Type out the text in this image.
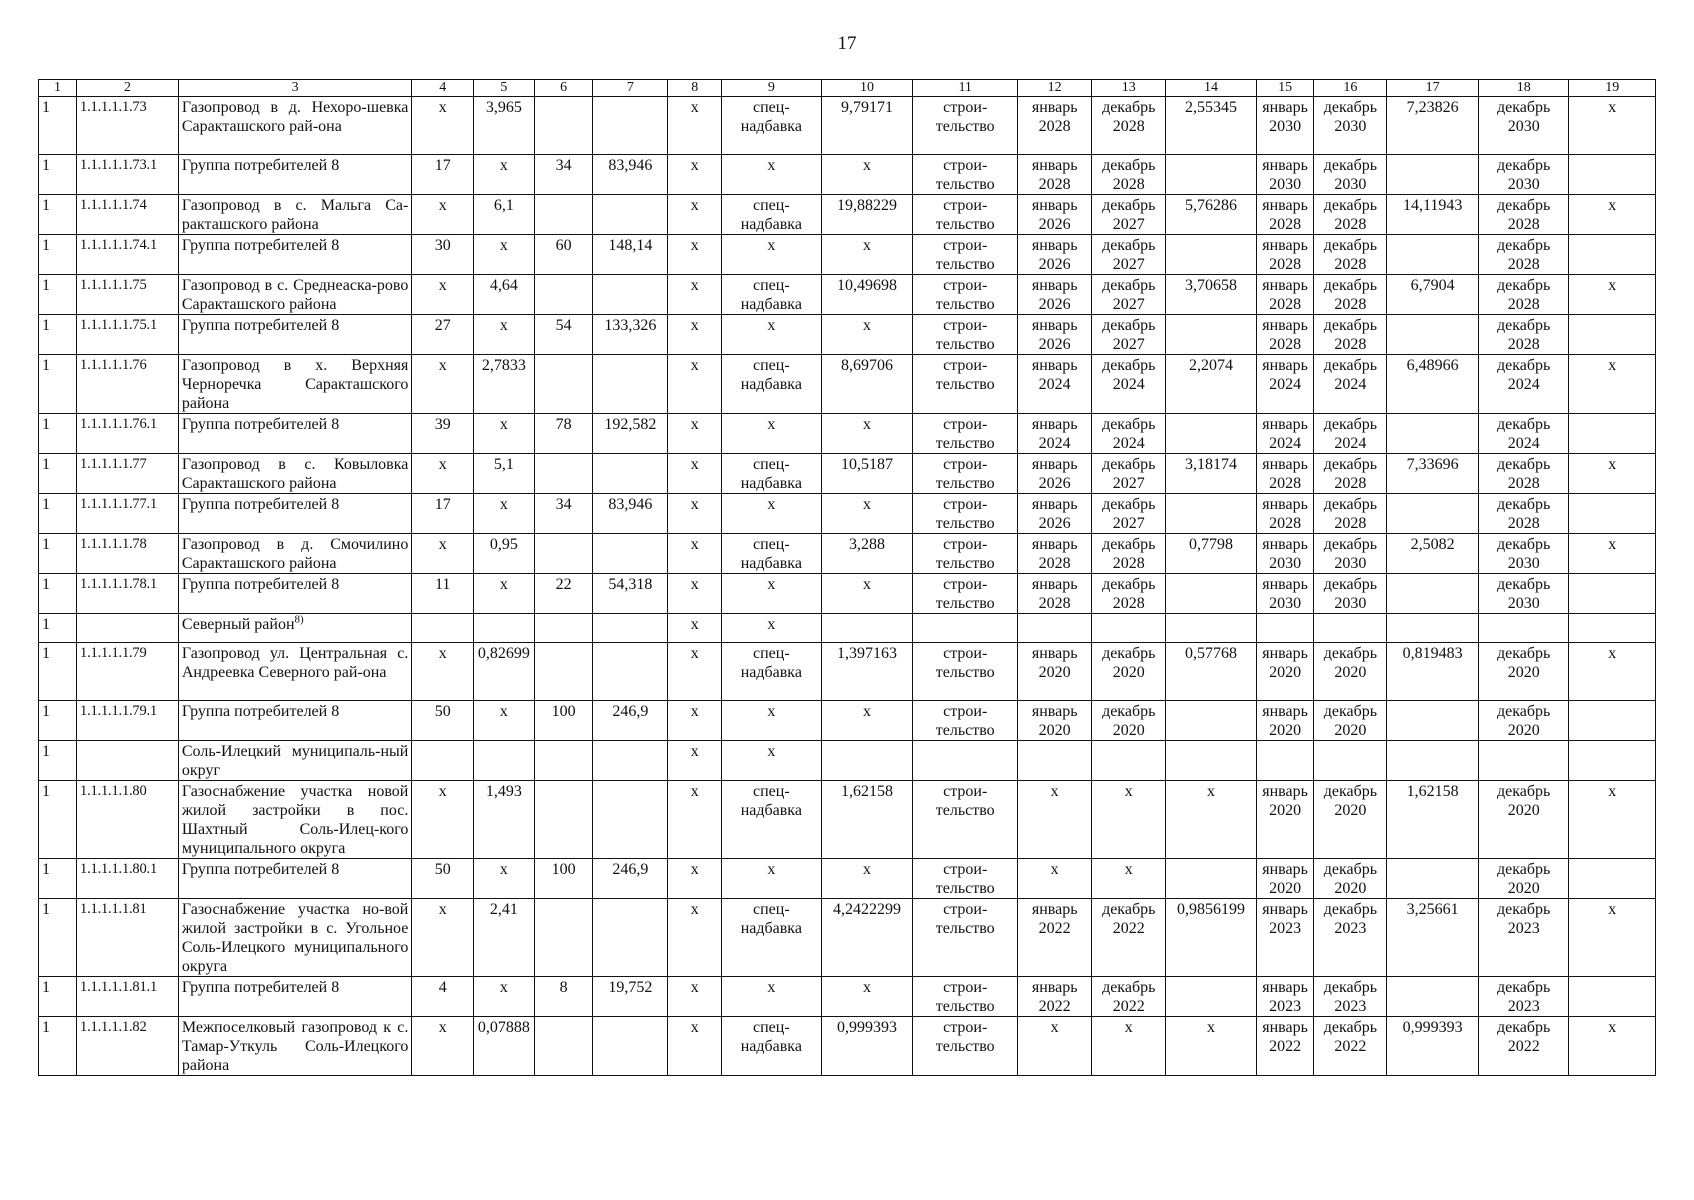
17
1	2	3	4	5	6	7	8	9	10	11	12	13	14	15	16	17	18	19
1	1.1.1.1.1.73	Газопровод в д. Нехоро-шевка Саракташского рай-она	х	3,965			х	спец-надбавка	9,79171	строи-тельство	январь 2028	декабрь 2028	2,55345	январь 2030	декабрь 2030	7,23826	декабрь 2030	х
1	1.1.1.1.1.73.1	Группа потребителей 8	17	х	34	83,946	х	х	х	строи-тельство	январь 2028	декабрь 2028		январь 2030	декабрь 2030		декабрь 2030	
1	1.1.1.1.1.74	Газопровод в с. Мальга Са-ракташского района	х	6,1			х	спец-надбавка	19,88229	строи-тельство	январь 2026	декабрь 2027	5,76286	январь 2028	декабрь 2028	14,11943	декабрь 2028	х
1	1.1.1.1.1.74.1	Группа потребителей 8	30	х	60	148,14	х	х	х	строи-тельство	январь 2026	декабрь 2027		январь 2028	декабрь 2028		декабрь 2028	
1	1.1.1.1.1.75	Газопровод в с. Среднеаска-рово Саракташского района	х	4,64			х	спец-надбавка	10,49698	строи-тельство	январь 2026	декабрь 2027	3,70658	январь 2028	декабрь 2028	6,7904	декабрь 2028	х
1	1.1.1.1.1.75.1	Группа потребителей 8	27	х	54	133,326	х	х	х	строи-тельство	январь 2026	декабрь 2027		январь 2028	декабрь 2028		декабрь 2028	
1	1.1.1.1.1.76	Газопровод в х. Верхняя Черноречка Саракташского района	х	2,7833			х	спец-надбавка	8,69706	строи-тельство	январь 2024	декабрь 2024	2,2074	январь 2024	декабрь 2024	6,48966	декабрь 2024	х
1	1.1.1.1.1.76.1	Группа потребителей 8	39	х	78	192,582	х	х	х	строи-тельство	январь 2024	декабрь 2024		январь 2024	декабрь 2024		декабрь 2024	
1	1.1.1.1.1.77	Газопровод в с. Ковыловка Саракташского района	х	5,1			х	спец-надбавка	10,5187	строи-тельство	январь 2026	декабрь 2027	3,18174	январь 2028	декабрь 2028	7,33696	декабрь 2028	х
1	1.1.1.1.1.77.1	Группа потребителей 8	17	х	34	83,946	х	х	х	строи-тельство	январь 2026	декабрь 2027		январь 2028	декабрь 2028		декабрь 2028	
1	1.1.1.1.1.78	Газопровод в д. Смочилино Саракташского района	х	0,95			х	спец-надбавка	3,288	строи-тельство	январь 2028	декабрь 2028	0,7798	январь 2030	декабрь 2030	2,5082	декабрь 2030	х
1	1.1.1.1.1.78.1	Группа потребителей 8	11	х	22	54,318	х	х	х	строи-тельство	январь 2028	декабрь 2028		январь 2030	декабрь 2030		декабрь 2030	
1		Северный район$^{8)}$					х	х										
1	1.1.1.1.1.79	Газопровод ул. Центральная с. Андреевка Северного рай-она	х	0,82699			х	спец-надбавка	1,397163	строи-тельство	январь 2020	декабрь 2020	0,57768	январь 2020	декабрь 2020	0,819483	декабрь 2020	х
1	1.1.1.1.1.79.1	Группа потребителей 8	50	х	100	246,9	х	х	х	строи-тельство	январь 2020	декабрь 2020		январь 2020	декабрь 2020		декабрь 2020	
1		Соль-Илецкий муниципаль-ный округ					х	х										
1	1.1.1.1.1.80	Газоснабжение участка новой жилой застройки в пос. Шахтный Соль-Илец-кого муниципального округа	х	1,493			х	спец-надбавка	1,62158	строи-тельство	х	х	х	январь 2020	декабрь 2020	1,62158	декабрь 2020	х
1	1.1.1.1.1.80.1	Группа потребителей 8	50	х	100	246,9	х	х	х	строи-тельство	х	х		январь 2020	декабрь 2020		декабрь 2020	
1	1.1.1.1.1.81	Газоснабжение участка но-вой жилой застройки в с. Угольное Соль-Илецкого муниципального округа	х	2,41			х	спец-надбавка	4,2422299	строи-тельство	январь 2022	декабрь 2022	0,9856199	январь 2023	декабрь 2023	3,25661	декабрь 2023	х
1	1.1.1.1.1.81.1	Группа потребителей 8	4	х	8	19,752	х	х	х	строи-тельство	январь 2022	декабрь 2022		январь 2023	декабрь 2023		декабрь 2023	
1	1.1.1.1.1.82	Межпоселковый газопровод к с. Тамар-Уткуль Соль-Илецкого района	х	0,07888			х	спец-надбавка	0,999393	строи-тельство	х	х	х	январь 2022	декабрь 2022	0,999393	декабрь 2022	х
